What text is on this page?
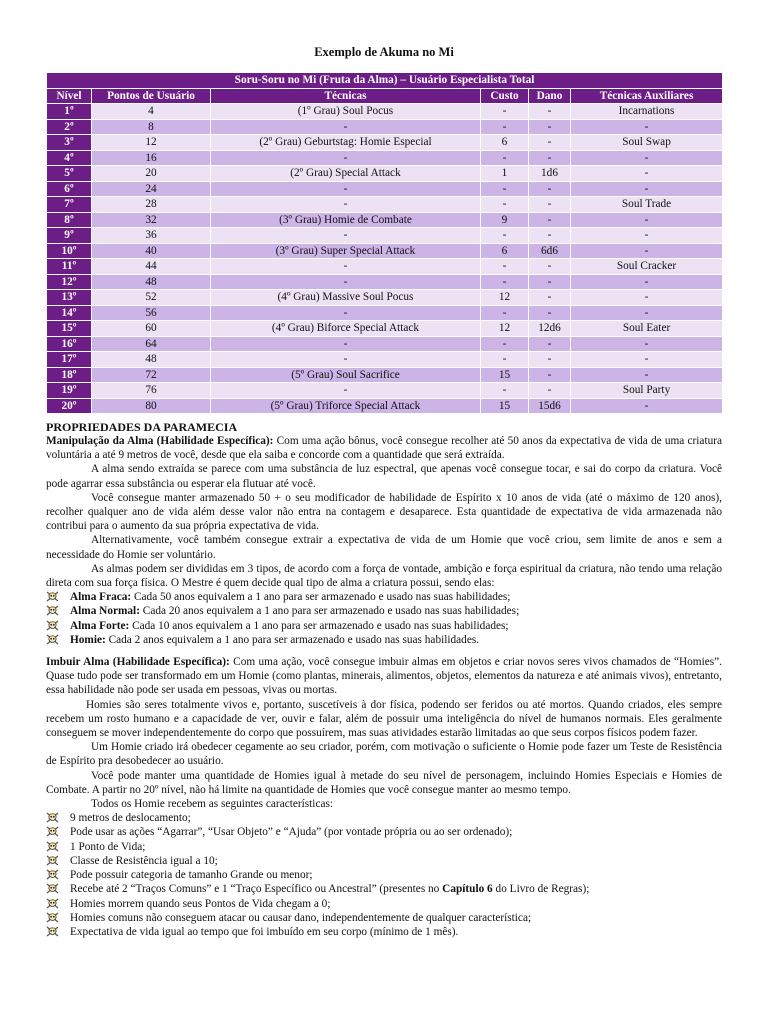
Exemplo de Akuma no Mi
Soru-Soru no Mi (Fruta da Alma) – Usuário Especialista Total					
Nível	Pontos de Usuário	Técnicas	Custo	Dano	Técnicas Auxiliares
1º	4	(1º Grau) Soul Pocus	-	-	Incarnations
2º	8	-	-	-	-
3º	12	(2º Grau) Geburtstag: Homie Especial	6	-	Soul Swap
4º	16	-	-	-	-
5º	20	(2º Grau) Special Attack	1	1d6	-
6º	24	-	-	-	-
7º	28	-	-	-	Soul Trade
8º	32	(3º Grau) Homie de Combate	9	-	-
9º	36	-	-	-	-
10º	40	(3º Grau) Super Special Attack	6	6d6	-
11º	44	-	-	-	Soul Cracker
12º	48	-	-	-	-
13º	52	(4º Grau) Massive Soul Pocus	12	-	-
14º	56	-	-	-	-
15º	60	(4º Grau) Biforce Special Attack	12	12d6	Soul Eater
16º	64	-	-	-	-
17º	48	-	-	-	-
18º	72	(5º Grau) Soul Sacrifice	15	-	-
19º	76	-	-	-	Soul Party
20º	80	(5º Grau) Triforce Special Attack	15	15d6	-
PROPRIEDADES DA PARAMECIA

Manipulação da Alma (Habilidade Específica): Com uma ação bônus, você consegue recolher até 50 anos da expectativa de vida de uma criatura voluntária a até 9 metros de você, desde que ela saiba e concorde com a quantidade que será extraída.

A alma sendo extraída se parece com uma substância de luz espectral, que apenas você consegue tocar, e sai do corpo da criatura. Você pode agarrar essa substância ou esperar ela flutuar até você.

Você consegue manter armazenado 50 + o seu modificador de habilidade de Espírito x 10 anos de vida (até o máximo de 120 anos), recolher qualquer ano de vida além desse valor não entra na contagem e desaparece. Esta quantidade de expectativa de vida armazenada não contribui para o aumento da sua própria expectativa de vida.

Alternativamente, você também consegue extrair a expectativa de vida de um Homie que você criou, sem limite de anos e sem a necessidade do Homie ser voluntário.

As almas podem ser divididas em 3 tipos, de acordo com a força de vontade, ambição e força espiritual da criatura, não tendo uma relação direta com sua força física. O Mestre é quem decide qual tipo de alma a criatura possui, sendo elas:

Alma Fraca: Cada 50 anos equivalem a 1 ano para ser armazenado e usado nas suas habilidades;
Alma Normal: Cada 20 anos equivalem a 1 ano para ser armazenado e usado nas suas habilidades;
Alma Forte: Cada 10 anos equivalem a 1 ano para ser armazenado e usado nas suas habilidades;
Homie: Cada 2 anos equivalem a 1 ano para ser armazenado e usado nas suas habilidades.

Imbuir Alma (Habilidade Específica): Com uma ação, você consegue imbuir almas em objetos e criar novos seres vivos chamados de “Homies”. Quase tudo pode ser transformado em um Homie (como plantas, minerais, alimentos, objetos, elementos da natureza e até animais vivos), entretanto, essa habilidade não pode ser usada em pessoas, vivas ou mortas.

Homies são seres totalmente vivos e, portanto, suscetíveis à dor física, podendo ser feridos ou até mortos. Quando criados, eles sempre recebem um rosto humano e a capacidade de ver, ouvir e falar, além de possuir uma inteligência do nível de humanos normais. Eles geralmente conseguem se mover independentemente do corpo que possuírem, mas suas atividades estarão limitadas ao que seus corpos físicos podem fazer.

Um Homie criado irá obedecer cegamente ao seu criador, porém, com motivação o suficiente o Homie pode fazer um Teste de Resistência de Espírito pra desobedecer ao usuário.

Você pode manter uma quantidade de Homies igual à metade do seu nível de personagem, incluindo Homies Especiais e Homies de Combate. A partir no 20º nível, não há limite na quantidade de Homies que você consegue manter ao mesmo tempo.

Todos os Homie recebem as seguintes características:

9 metros de deslocamento;
Pode usar as ações “Agarrar”, “Usar Objeto” e “Ajuda” (por vontade própria ou ao ser ordenado);
1 Ponto de Vida;
Classe de Resistência igual a 10;
Pode possuir categoria de tamanho Grande ou menor;
Recebe até 2 “Traços Comuns” e 1 “Traço Específico ou Ancestral” (presentes no Capítulo 6 do Livro de Regras);
Homies morrem quando seus Pontos de Vida chegam a 0;
Homies comuns não conseguem atacar ou causar dano, independentemente de qualquer característica;
Expectativa de vida igual ao tempo que foi imbuído em seu corpo (mínimo de 1 mês).
